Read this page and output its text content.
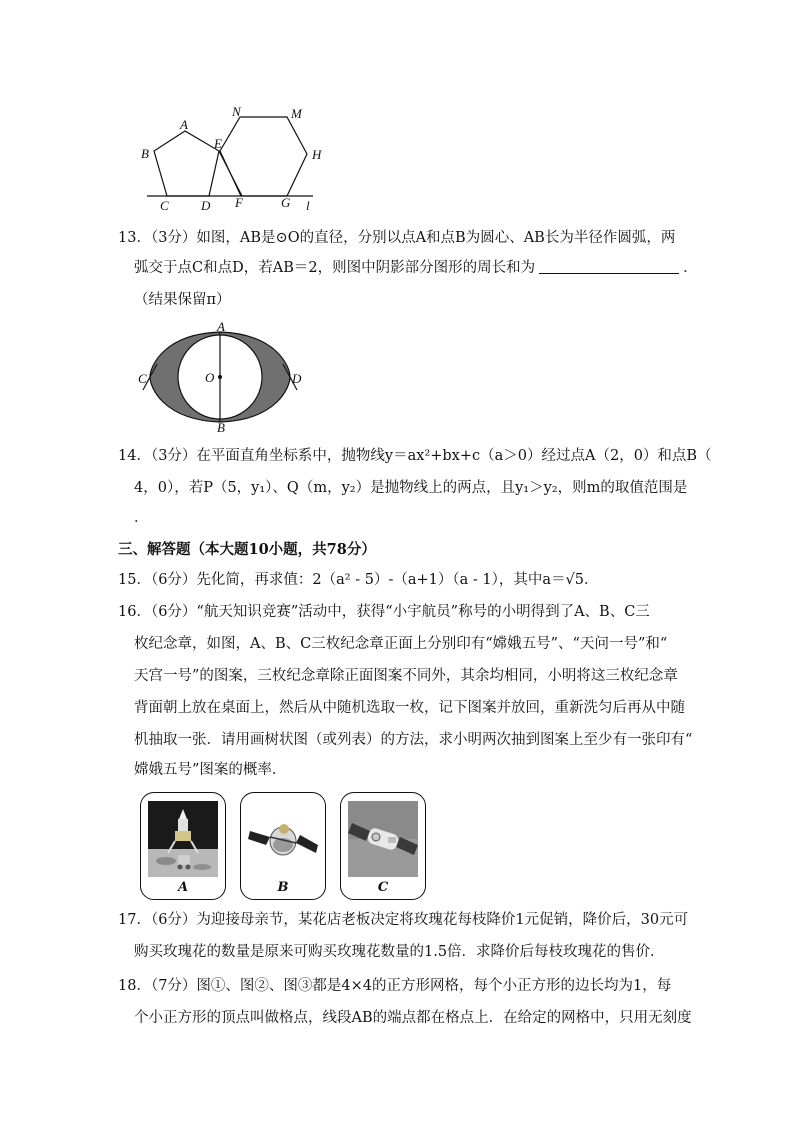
A
B
C D
E
F
N	M
H
G l
13．（3分）如图，AB是⊙O的直径，分别以点A和点B为圆心、AB长为半径作圆弧，两
弧交于点C和点D，若AB＝2，则图中阴影部分图形的周长和为	．
（结果保留π）
A
O
B
C	D
14．（3分）在平面直角坐标系中，抛物线y＝ax²+bx+c（a＞0）经过点A（2，0）和点B（
4，0），若P（5，y₁）、Q（m，y₂）是抛物线上的两点，且y₁＞y₂，则m的取值范围是
．
三、解答题（本大题10小题，共78分）
15．（6分）先化简，再求值：2（a² - 5）-（a+1）（a - 1），其中a＝√5．
16．（6分）“航天知识竞赛”活动中，获得“小宇航员”称号的小明得到了A、B、C三
枚纪念章，如图，A、B、C三枚纪念章正面上分别印有“嫦娥五号”、“天问一号”和“
天宫一号”的图案，三枚纪念章除正面图案不同外，其余均相同，小明将这三枚纪念章
背面朝上放在桌面上，然后从中随机选取一枚，记下图案并放回，重新洗匀后再从中随
机抽取一张．请用画树状图（或列表）的方法，求小明两次抽到图案上至少有一张印有“
嫦娥五号”图案的概率．
A	B	C
17．（6分）为迎接母亲节，某花店老板决定将玫瑰花每枝降价1元促销，降价后，30元可
购买玫瑰花的数量是原来可购买玫瑰花数量的1.5倍．求降价后每枝玫瑰花的售价．
18．（7分）图①、图②、图③都是4×4的正方形网格，每个小正方形的边长均为1，每
个小正方形的顶点叫做格点，线段AB的端点都在格点上．在给定的网格中，只用无刻度
